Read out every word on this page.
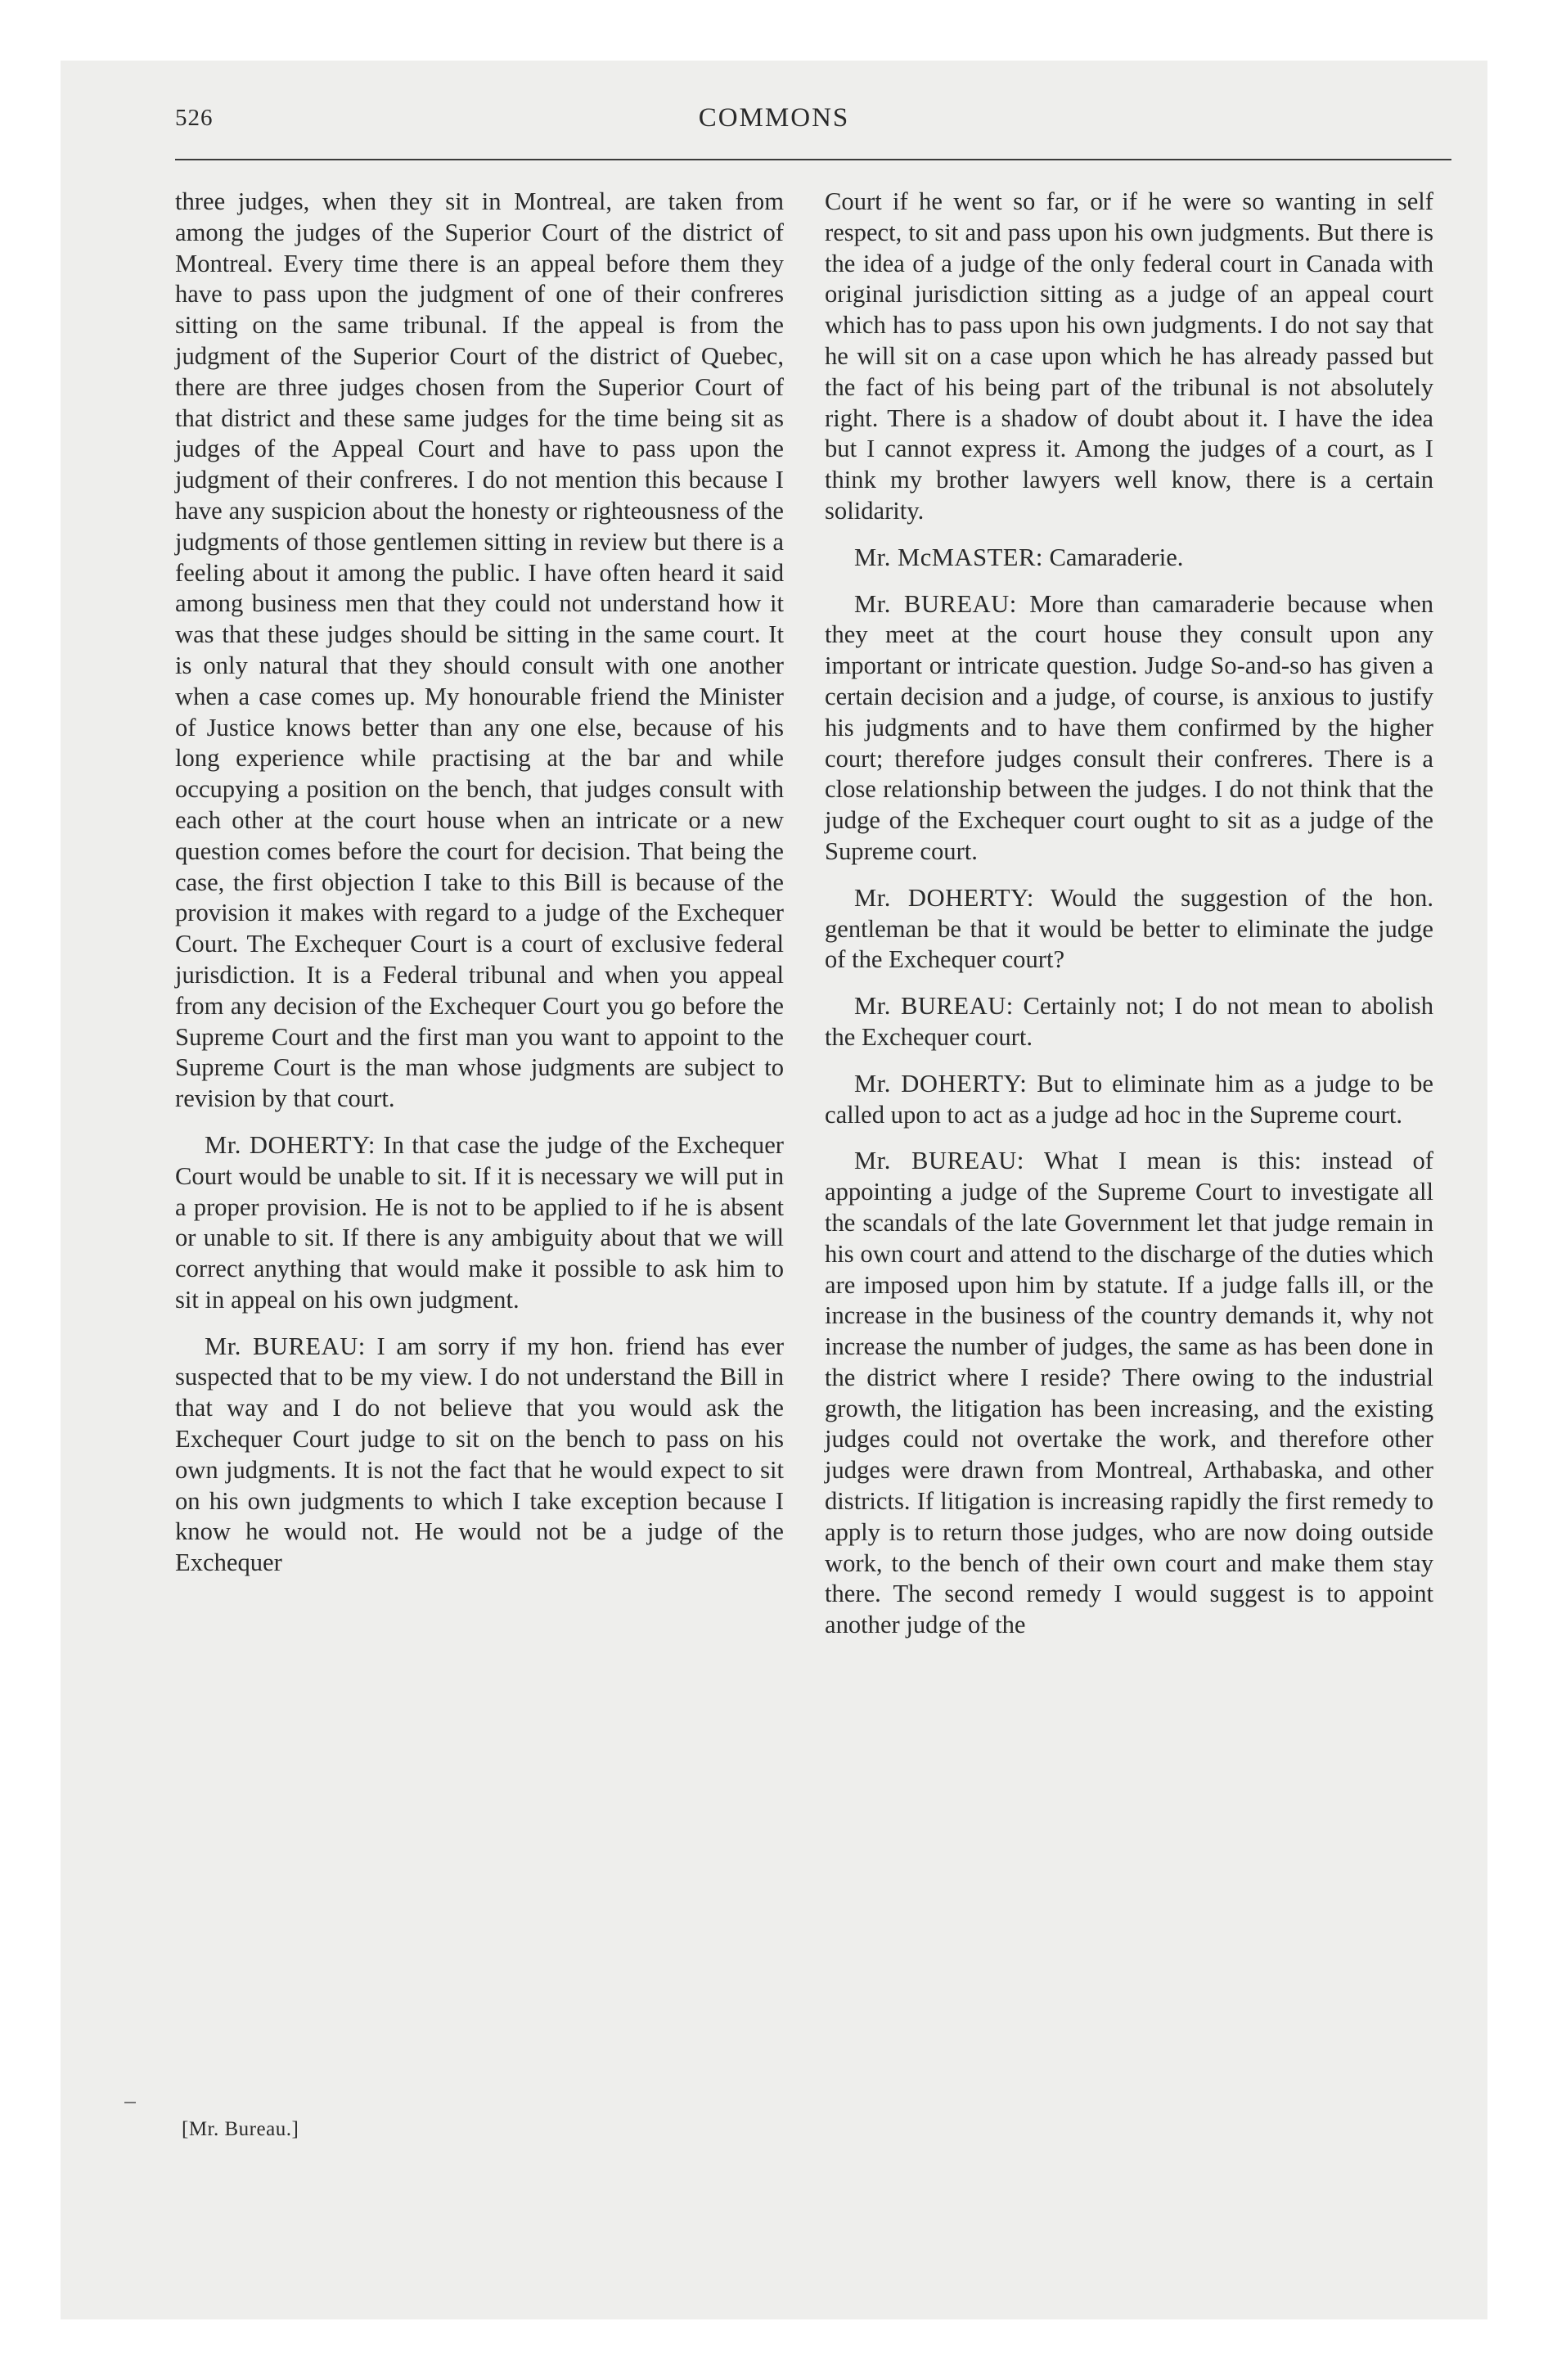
526	COMMONS

three judges, when they sit in Montreal, are taken from among the judges of the Superior Court of the district of Montreal. Every time there is an appeal before them they have to pass upon the judgment of one of their confreres sitting on the same tribunal. If the appeal is from the judgment of the Superior Court of the district of Quebec, there are three judges chosen from the Superior Court of that district and these same judges for the time being sit as judges of the Appeal Court and have to pass upon the judgment of their confreres. I do not mention this because I have any suspicion about the honesty or righteousness of the judgments of those gentlemen sitting in review but there is a feeling about it among the public. I have often heard it said among business men that they could not understand how it was that these judges should be sitting in the same court. It is only natural that they should consult with one another when a case comes up. My honourable friend the Minister of Justice knows better than any one else, because of his long experience while practising at the bar and while occupying a position on the bench, that judges consult with each other at the court house when an intricate or a new question comes before the court for decision. That being the case, the first objection I take to this Bill is because of the provision it makes with regard to a judge of the Exchequer Court. The Exchequer Court is a court of exclusive federal jurisdiction. It is a Federal tribunal and when you appeal from any decision of the Exchequer Court you go before the Supreme Court and the first man you want to appoint to the Supreme Court is the man whose judgments are subject to revision by that court.

Mr. DOHERTY: In that case the judge of the Exchequer Court would be unable to sit. If it is necessary we will put in a proper provision. He is not to be applied to if he is absent or unable to sit. If there is any ambiguity about that we will correct anything that would make it possible to ask him to sit in appeal on his own judgment.

Mr. BUREAU: I am sorry if my hon. friend has ever suspected that to be my view. I do not understand the Bill in that way and I do not believe that you would ask the Exchequer Court judge to sit on the bench to pass on his own judgments. It is not the fact that he would expect to sit on his own judgments to which I take exception because I know he would not. He would not be a judge of the Exchequer

Court if he went so far, or if he were so wanting in self respect, to sit and pass upon his own judgments. But there is the idea of a judge of the only federal court in Canada with original jurisdiction sitting as a judge of an appeal court which has to pass upon his own judgments. I do not say that he will sit on a case upon which he has already passed but the fact of his being part of the tribunal is not absolutely right. There is a shadow of doubt about it. I have the idea but I cannot express it. Among the judges of a court, as I think my brother lawyers well know, there is a certain solidarity.

Mr. McMASTER: Camaraderie.

Mr. BUREAU: More than camaraderie because when they meet at the court house they consult upon any important or intricate question. Judge So-and-so has given a certain decision and a judge, of course, is anxious to justify his judgments and to have them confirmed by the higher court; therefore judges consult their confreres. There is a close relationship between the judges. I do not think that the judge of the Exchequer court ought to sit as a judge of the Supreme court.

Mr. DOHERTY: Would the suggestion of the hon. gentleman be that it would be better to eliminate the judge of the Exchequer court?

Mr. BUREAU: Certainly not; I do not mean to abolish the Exchequer court.

Mr. DOHERTY: But to eliminate him as a judge to be called upon to act as a judge ad hoc in the Supreme court.

Mr. BUREAU: What I mean is this: instead of appointing a judge of the Supreme Court to investigate all the scandals of the late Government let that judge remain in his own court and attend to the discharge of the duties which are imposed upon him by statute. If a judge falls ill, or the increase in the business of the country demands it, why not increase the number of judges, the same as has been done in the district where I reside? There owing to the industrial growth, the litigation has been increasing, and the existing judges could not overtake the work, and therefore other judges were drawn from Montreal, Arthabaska, and other districts. If litigation is increasing rapidly the first remedy to apply is to return those judges, who are now doing outside work, to the bench of their own court and make them stay there. The second remedy I would suggest is to appoint another judge of the

[Mr. Bureau.]
